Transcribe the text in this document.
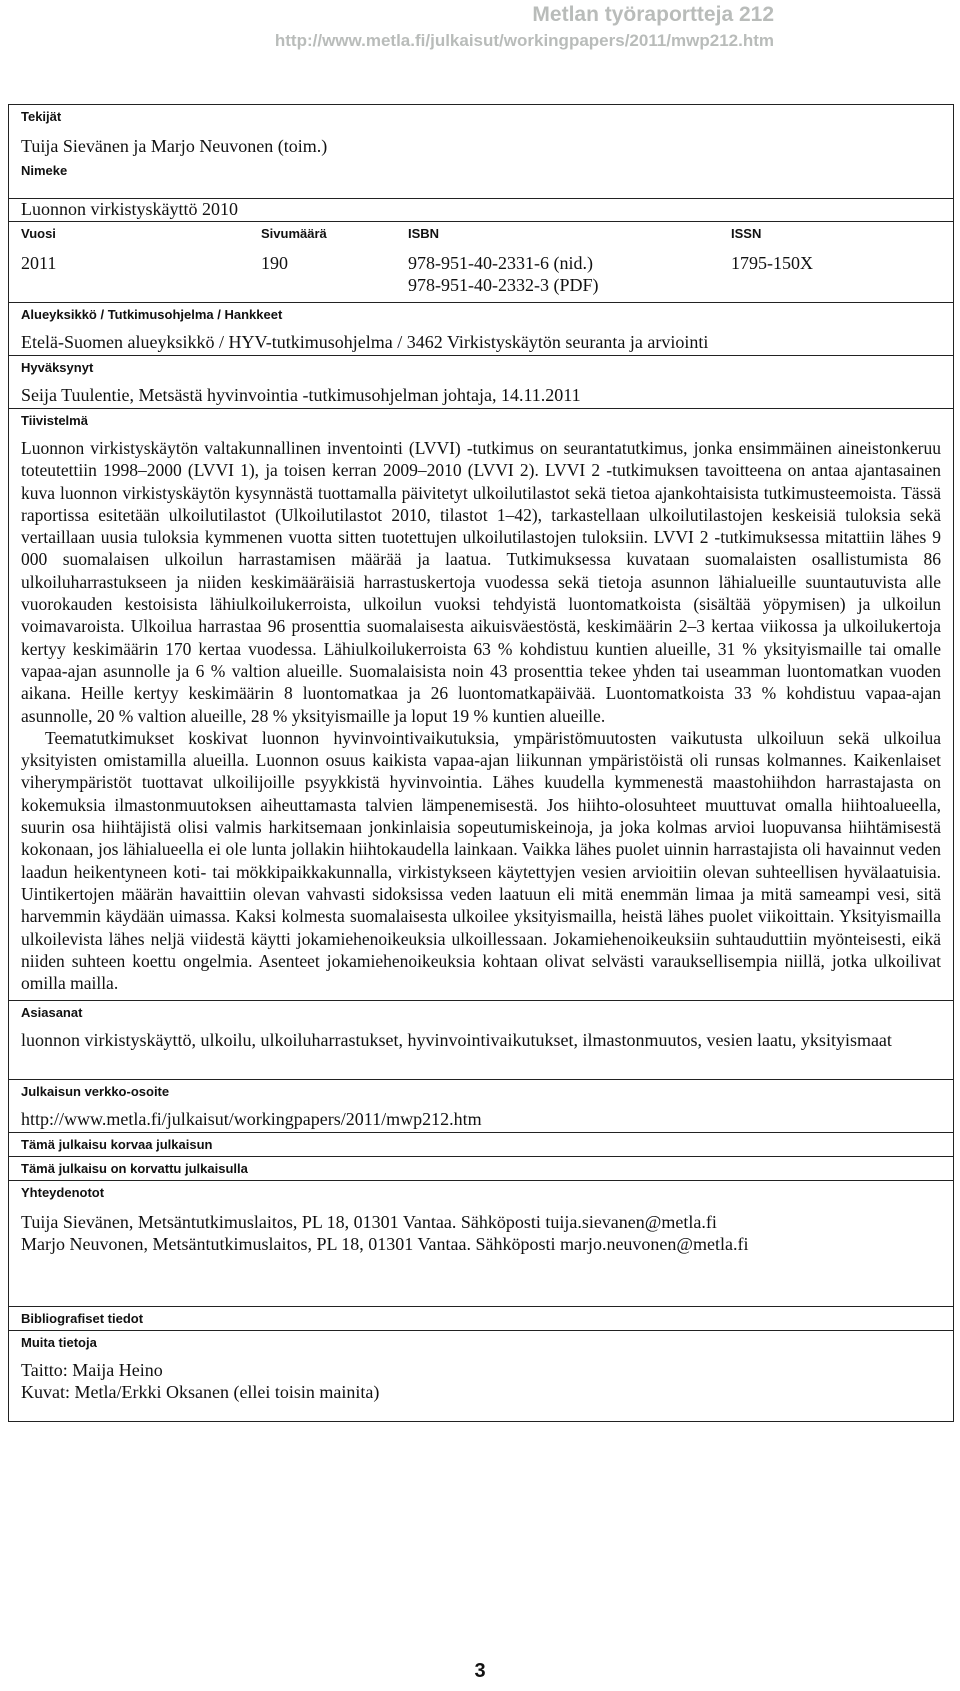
Metlan työraportteja 212
http://www.metla.fi/julkaisut/workingpapers/2011/mwp212.htm
Tekijät
Tuija Sievänen ja Marjo Neuvonen (toim.)
Nimeke
Luonnon virkistyskäyttö 2010
Vuosi
2011
Sivumäärä
190
ISBN
978-951-40-2331-6 (nid.)
978-951-40-2332-3 (PDF)
ISSN
1795-150X
Alueyksikkö / Tutkimusohjelma / Hankkeet
Etelä-Suomen alueyksikkö / HYV-tutkimusohjelma / 3462 Virkistyskäytön seuranta ja arviointi
Hyväksynyt
Seija Tuulentie, Metsästä hyvinvointia -tutkimusohjelman johtaja, 14.11.2011
Tiivistelmä

Luonnon virkistyskäytön valtakunnallinen inventointi (LVVI) -tutkimus on seurantatutkimus, jonka ensimmäinen aineistonkeruu toteutettiin 1998–2000 (LVVI 1), ja toisen kerran 2009–2010 (LVVI 2). LVVI 2 -tutkimuksen tavoitteena on antaa ajantasainen kuva luonnon virkistyskäytön kysynnästä tuottamalla päivitetyt ulkoilutilastot sekä tietoa ajankohtaisista tutkimusteemoista. Tässä raportissa esitetään ulkoilutilastot (Ulkoilutilastot 2010, tilastot 1–42), tarkastellaan ulkoilutilastojen keskeisiä tuloksia sekä vertaillaan uusia tuloksia kymmenen vuotta sitten tuotettujen ulkoilutilastojen tuloksiin. LVVI 2 -tutkimuksessa mitattiin lähes 9 000 suomalaisen ulkoilun harrastamisen määrää ja laatua. Tutkimuksessa kuvataan suomalaisten osallistumista 86 ulkoiluharrastukseen ja niiden keskimääräisiä harrastuskertoja vuodessa sekä tietoja asunnon lähialueille suuntautuvista alle vuorokauden kestoisista lähiulkoilukerroista, ulkoilun vuoksi tehdyistä luontomatkoista (sisältää yöpymisen) ja ulkoilun voimavaroista. Ulkoilua harrastaa 96 prosenttia suomalaisesta aikuisväestöstä, keskimäärin 2–3 kertaa viikossa ja ulkoilukertoja kertyy keskimäärin 170 kertaa vuodessa. Lähiulkoilukerroista 63 % kohdistuu kuntien alueille, 31 % yksityismaille tai omalle vapaa-ajan asunnolle ja 6 % valtion alueille. Suomalaisista noin 43 prosenttia tekee yhden tai useamman luontomatkan vuoden aikana. Heille kertyy keskimäärin 8 luontomatkaa ja 26 luontomatkapäivää. Luontomatkoista 33 % kohdistuu vapaa-ajan asunnolle, 20 % valtion alueille, 28 % yksityismaille ja loput 19 % kuntien alueille.

Teematutkimukset koskivat luonnon hyvinvointivaikutuksia, ympäristömuutosten vaikutusta ulkoiluun sekä ulkoilua yksityisten omistamilla alueilla. Luonnon osuus kaikista vapaa-ajan liikunnan ympäristöistä oli runsas kolmannes. Kaikenlaiset viherympäristöt tuottavat ulkoilijoille psyykkistä hyvinvointia. Lähes kuudella kymmenestä maastohiihdon harrastajasta on kokemuksia ilmastonmuutoksen aiheuttamasta talvien lämpenemisestä. Jos hiihto-olosuhteet muuttuvat omalla hiihtoalueella, suurin osa hiihtäjistä olisi valmis harkitsemaan jonkinlaisia sopeutumiskeinoja, ja joka kolmas arvioi luopuvansa hiihtämisestä kokonaan, jos lähialueella ei ole lunta jollakin hiihtokaudella lainkaan. Vaikka lähes puolet uinnin harrastajista oli havainnut veden laadun heikentyneen koti- tai mökkipaikkakunnalla, virkistykseen käytettyjen vesien arvioitiin olevan suhteellisen hyvälaatuisia. Uintikertojen määrän havaittiin olevan vahvasti sidoksissa veden laatuun eli mitä enemmän limaa ja mitä sameampi vesi, sitä harvemmin käydään uimassa. Kaksi kolmesta suomalaisesta ulkoilee yksityismailla, heistä lähes puolet viikoittain. Yksityismailla ulkoilevista lähes neljä viidestä käytti jokamiehenoikeuksia ulkoillessaan. Jokamiehenoikeuksiin suhtauduttiin myönteisesti, eikä niiden suhteen koettu ongelmia. Asenteet jokamiehenoikeuksia kohtaan olivat selvästi varauksellisempia niillä, jotka ulkoilivat omilla mailla.

Asiasanat
luonnon virkistyskäyttö, ulkoilu, ulkoiluharrastukset, hyvinvointivaikutukset, ilmastonmuutos, vesien laatu, yksityismaat
Julkaisun verkko-osoite
http://www.metla.fi/julkaisut/workingpapers/2011/mwp212.htm
Tämä julkaisu korvaa julkaisun
Tämä julkaisu on korvattu julkaisulla
Yhteydenotot
Tuija Sievänen, Metsäntutkimuslaitos, PL 18, 01301 Vantaa. Sähköposti tuija.sievanen@metla.fi
Marjo Neuvonen, Metsäntutkimuslaitos, PL 18, 01301 Vantaa. Sähköposti marjo.neuvonen@metla.fi
Bibliografiset tiedot
Muita tietoja
Taitto: Maija Heino
Kuvat: Metla/Erkki Oksanen (ellei toisin mainita)
3
